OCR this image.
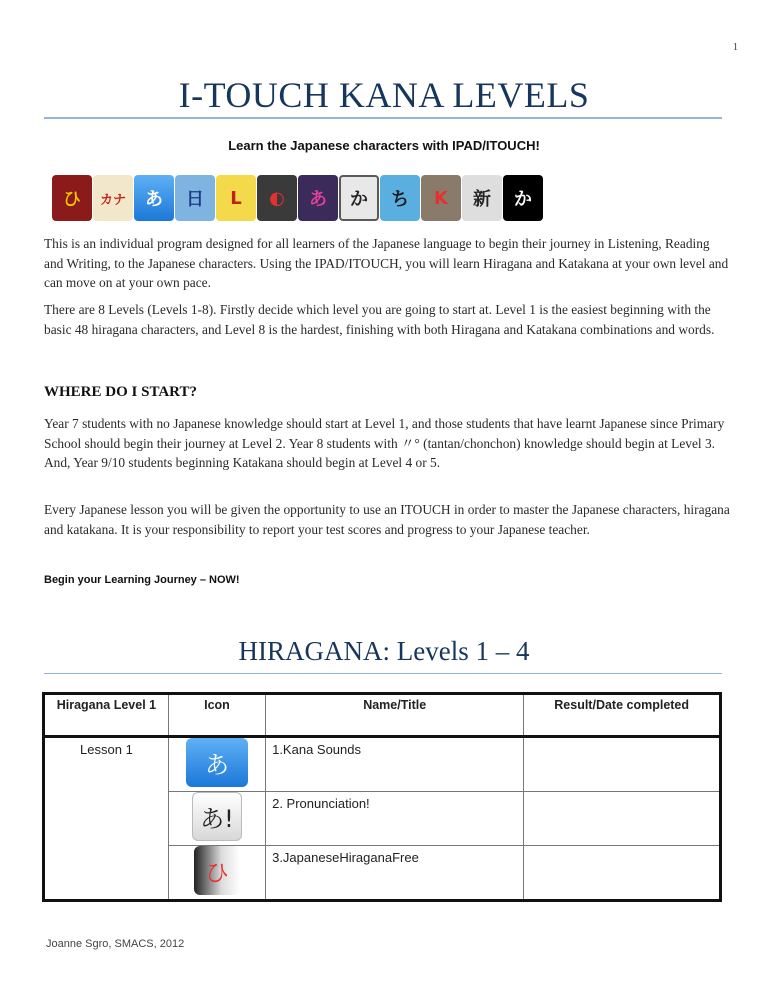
1
I-TOUCH KANA LEVELS
Learn the Japanese characters with IPAD/ITOUCH!
ひ カナ あ 日 L ◐ あ か ち K 新 か
This is an individual program designed for all learners of the Japanese language to begin their journey in Listening, Reading and Writing, to the Japanese characters. Using the IPAD/ITOUCH, you will learn Hiragana and Katakana at your own level and can move on at your own pace.
There are 8 Levels (Levels 1-8). Firstly decide which level you are going to start at. Level 1 is the easiest beginning with the basic 48 hiragana characters, and Level 8 is the hardest, finishing with both Hiragana and Katakana combinations and words.
WHERE DO I START?
Year 7 students with no Japanese knowledge should start at Level 1, and those students that have learnt Japanese since Primary School should begin their journey at Level 2. Year 8 students with 〃° (tantan/chonchon) knowledge should begin at Level 3. And, Year 9/10 students beginning Katakana should begin at Level 4 or 5.
Every Japanese lesson you will be given the opportunity to use an ITOUCH in order to master the Japanese characters, hiragana and katakana. It is your responsibility to report your test scores and progress to your Japanese teacher.
Begin your Learning Journey – NOW!
HIRAGANA: Levels 1 – 4
Hiragana Level 1	Icon	Name/Title	Result/Date completed
Lesson 1	あ	1.Kana Sounds	

	あ!	2. Pronunciation!	

	ひ	3.JapaneseHiraganaFree	
Joanne Sgro, SMACS, 2012
